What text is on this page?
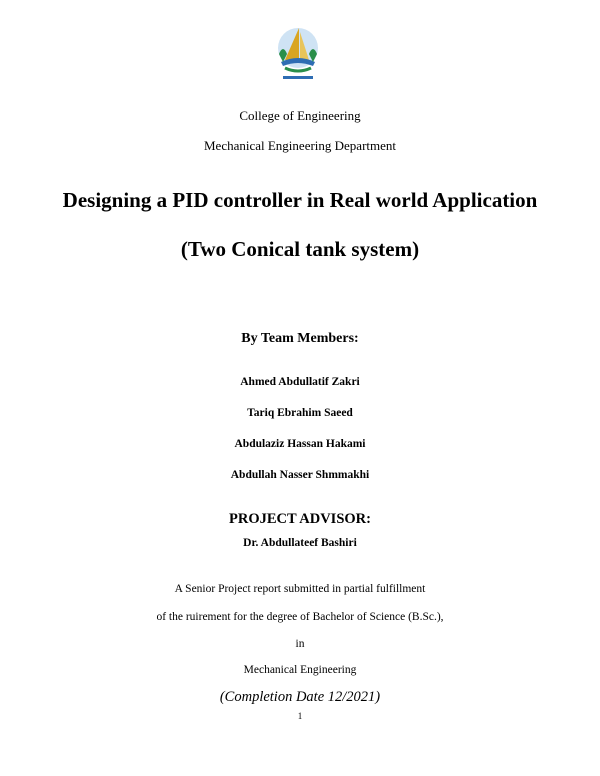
College of Engineering
Mechanical Engineering Department
Designing a PID controller in Real world Application
(Two Conical tank system)
By Team Members:
Ahmed Abdullatif Zakri
Tariq Ebrahim Saeed
Abdulaziz Hassan Hakami
Abdullah Nasser Shmmakhi
PROJECT ADVISOR:
Dr. Abdullateef Bashiri
A Senior Project report submitted in partial fulfillment
of the ruirement for the degree of Bachelor of Science (B.Sc.),
in
Mechanical Engineering
(Completion Date 12/2021)
1
